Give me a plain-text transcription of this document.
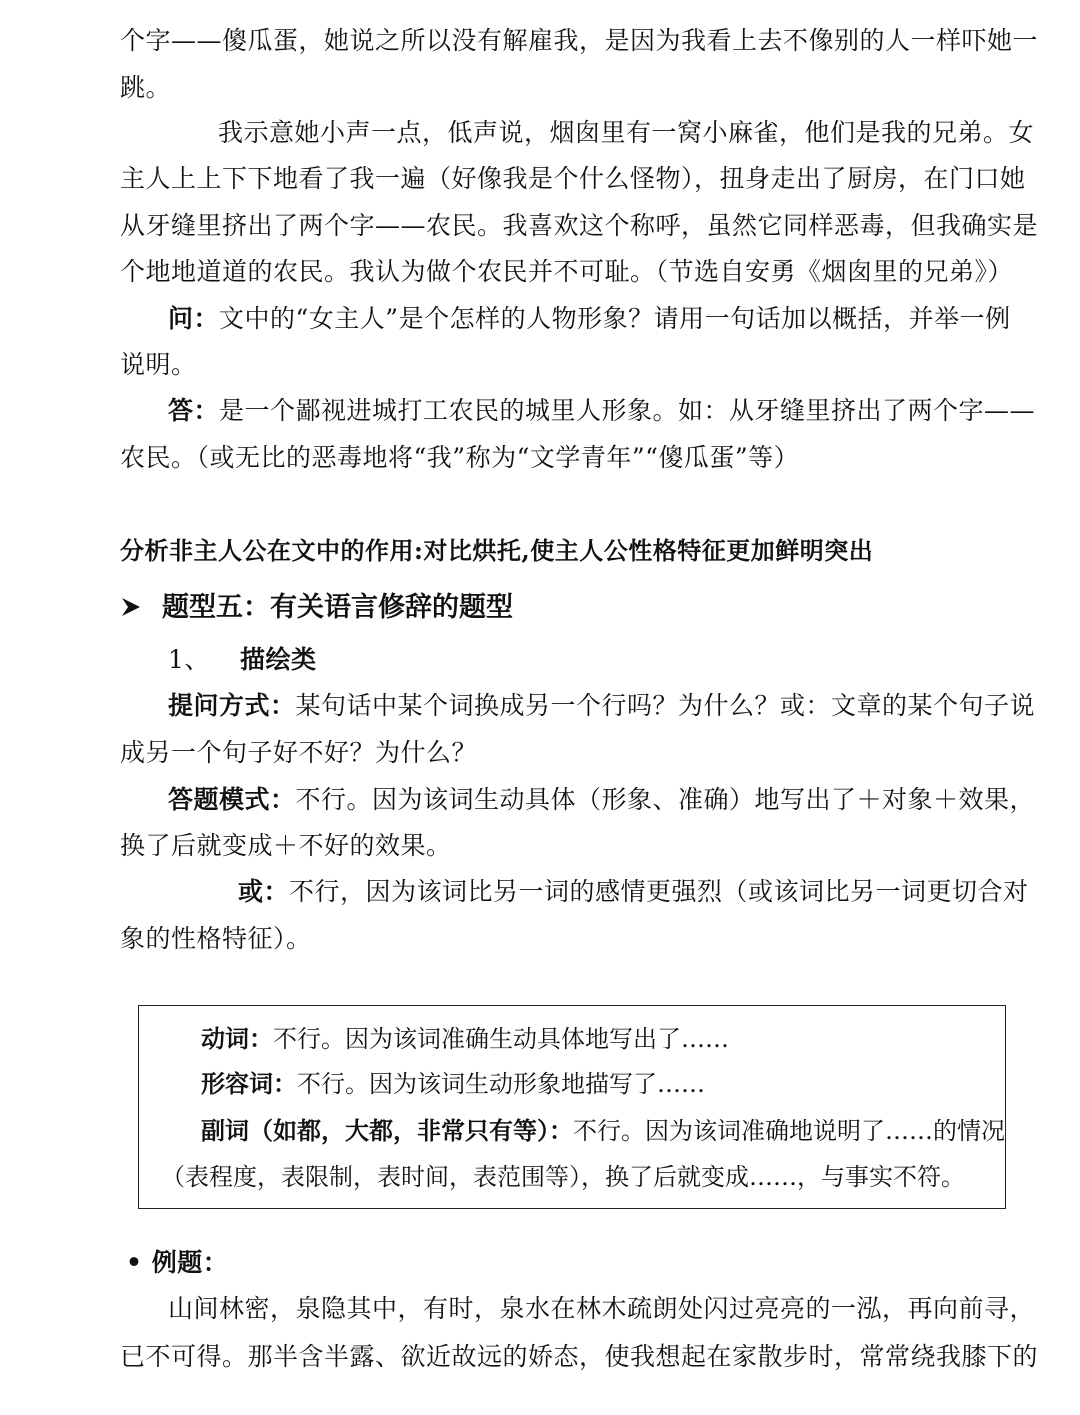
个字——傻瓜蛋，她说之所以没有解雇我，是因为我看上去不像别的人一样吓她一
跳。
我示意她小声一点，低声说，烟囱里有一窝小麻雀，他们是我的兄弟。女
主人上上下下地看了我一遍（好像我是个什么怪物），扭身走出了厨房，在门口她
从牙缝里挤出了两个字——农民。我喜欢这个称呼，虽然它同样恶毒，但我确实是
个地地道道的农民。我认为做个农民并不可耻。（节选自安勇《烟囱里的兄弟》）
问：文中的“女主人”是个怎样的人物形象？请用一句话加以概括，并举一例
说明。
答：是一个鄙视进城打工农民的城里人形象。如：从牙缝里挤出了两个字——
农民。（或无比的恶毒地将“我”称为“文学青年”“傻瓜蛋”等）
分析非主人公在文中的作用:对比烘托,使主人公性格特征更加鲜明突出
题型五：有关语言修辞的题型
1、 描绘类
提问方式：某句话中某个词换成另一个行吗？为什么？或：文章的某个句子说
成另一个句子好不好？为什么？
答题模式：不行。因为该词生动具体（形象、准确）地写出了＋对象＋效果，
换了后就变成＋不好的效果。
或：不行，因为该词比另一词的感情更强烈（或该词比另一词更切合对
象的性格特征）。
动词：不行。因为该词准确生动具体地写出了……
形容词：不行。因为该词生动形象地描写了……
副词（如都，大都，非常只有等）：不行。因为该词准确地说明了……的情况
（表程度，表限制，表时间，表范围等），换了后就变成……，与事实不符。
• 例题：
山间林密，泉隐其中，有时，泉水在林木疏朗处闪过亮亮的一泓，再向前寻，
已不可得。那半含半露、欲近故远的娇态，使我想起在家散步时，常常绕我膝下的
